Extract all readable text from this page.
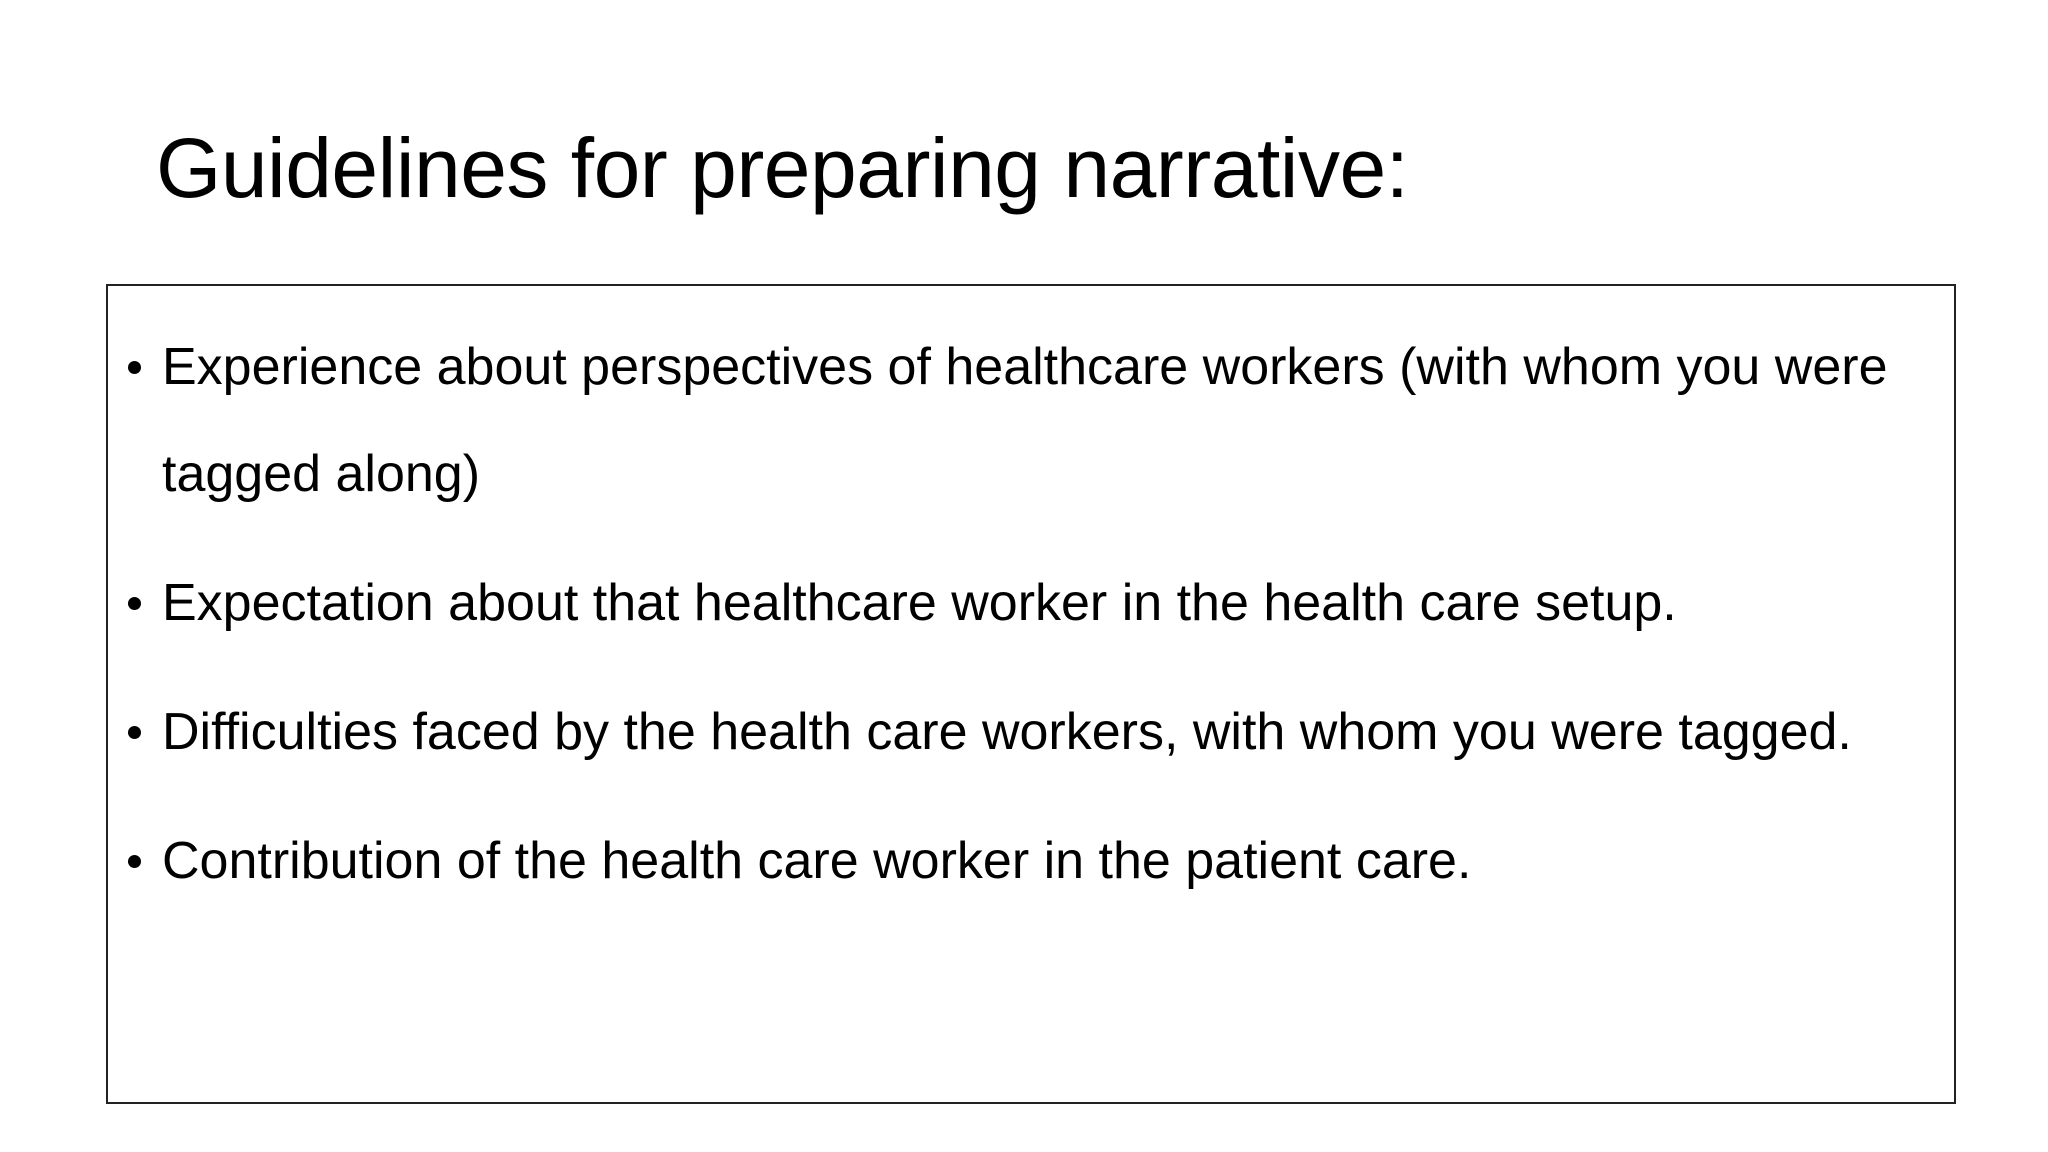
Guidelines for preparing narrative:
Experience about perspectives of healthcare workers (with whom you were tagged along)
Expectation about that healthcare worker in the health care setup.
Difficulties faced by the health care workers, with whom you were tagged.
Contribution of the health care worker in the patient care.
